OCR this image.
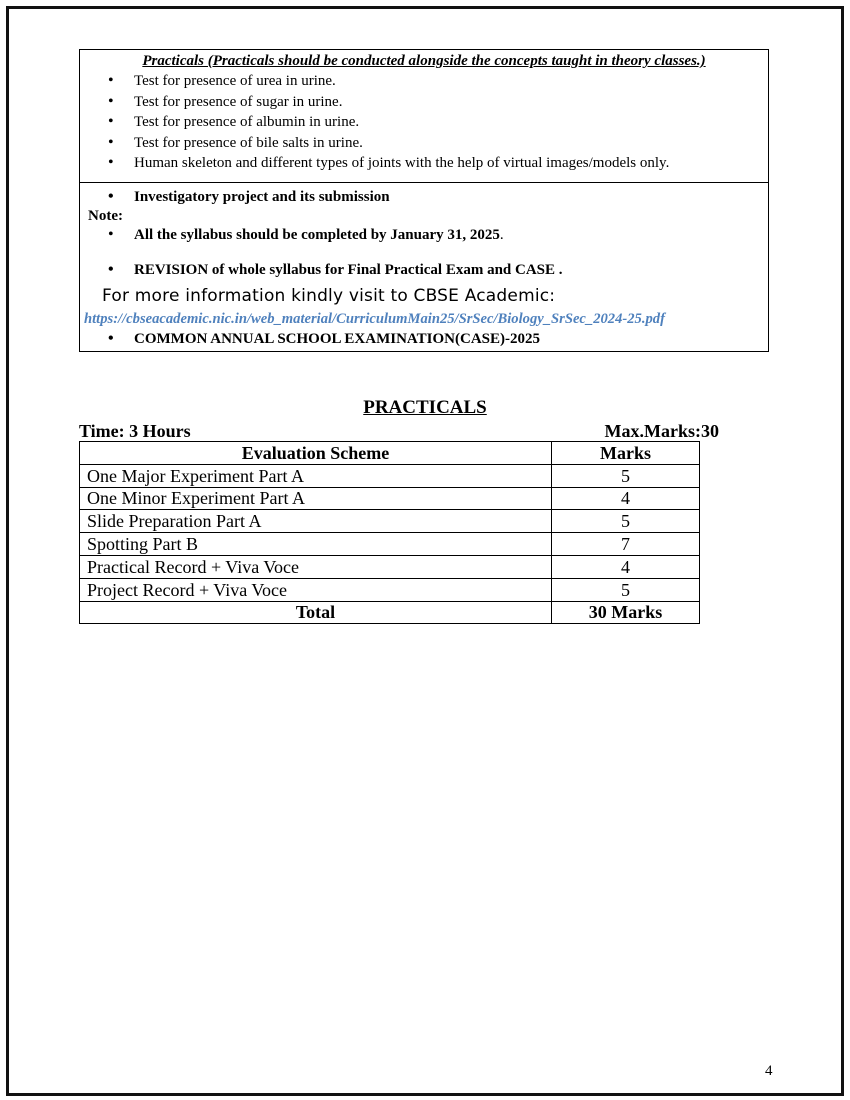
Practicals (Practicals should be conducted alongside the concepts taught in theory classes.)
• Test for presence of urea in urine.
• Test for presence of sugar in urine.
• Test for presence of albumin in urine.
• Test for presence of bile salts in urine.
• Human skeleton and different types of joints with the help of virtual images/models only.
• Investigatory project and its submission
Note:
• All the syllabus should be completed by January 31, 2025.
• REVISION of whole syllabus for Final Practical Exam and CASE .
For more information kindly visit to CBSE Academic:
https://cbseacademic.nic.in/web_material/CurriculumMain25/SrSec/Biology_SrSec_2024-25.pdf
• COMMON ANNUAL SCHOOL EXAMINATION(CASE)-2025
PRACTICALS
Time: 3 Hours	Max.Marks:30
Evaluation Scheme	Marks
One Major Experiment Part A	5
One Minor Experiment Part A	4
Slide Preparation Part A	5
Spotting Part B	7
Practical Record + Viva Voce	4
Project Record + Viva Voce	5
Total	30 Marks
4
